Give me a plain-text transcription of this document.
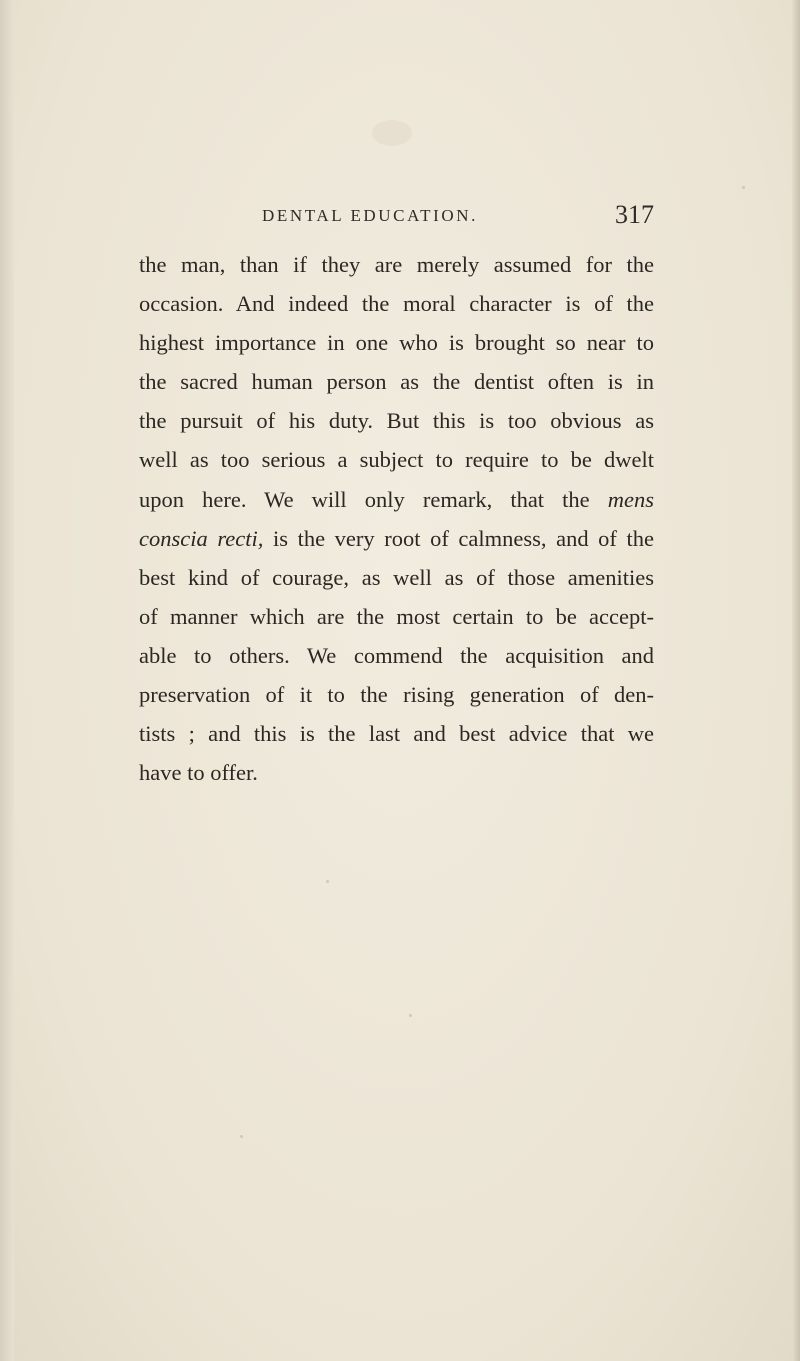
DENTAL EDUCATION.	317
the man, than if they are merely assumed for the
occasion. And indeed the moral character is of the
highest importance in one who is brought so near to
the sacred human person as the dentist often is in
the pursuit of his duty. But this is too obvious as
well as too serious a subject to require to be dwelt
upon here. We will only remark, that the mens
conscia recti, is the very root of calmness, and of the
best kind of courage, as well as of those amenities
of manner which are the most certain to be accept-
able to others. We commend the acquisition and
preservation of it to the rising generation of den-
tists ; and this is the last and best advice that we
have to offer.
